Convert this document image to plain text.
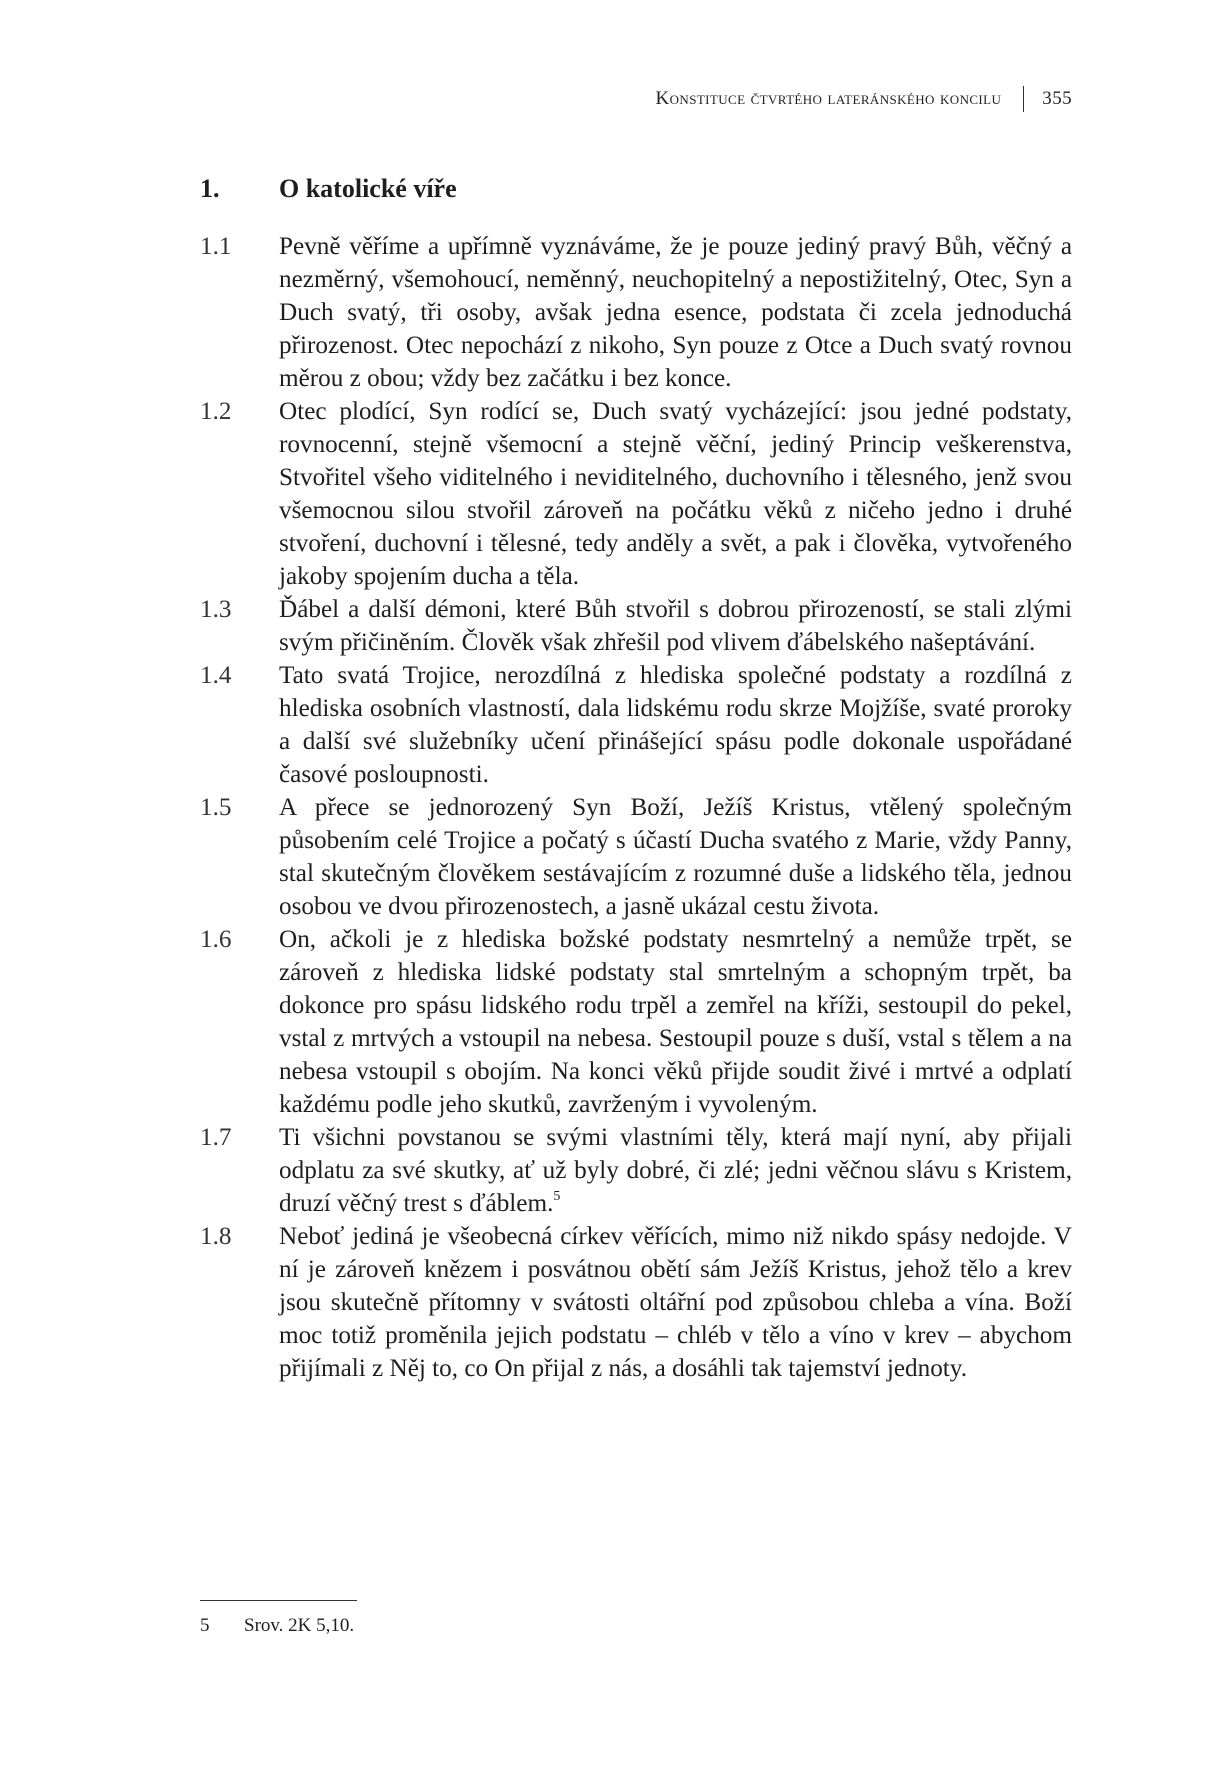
Konstituce čtvrtého lateránského koncilu 355
1.	O katolické víře
1.1	Pevně věříme a upřímně vyznáváme, že je pouze jediný pravý Bůh, věčný a nezměrný, všemohoucí, neměnný, neuchopitelný a nepostižitelný, Otec, Syn a Duch svatý, tři osoby, avšak jedna esence, podstata či zcela jednoduchá přirozenost. Otec nepochází z nikoho, Syn pouze z Otce a Duch svatý rovnou měrou z obou; vždy bez začátku i bez konce.
1.2	Otec plodící, Syn rodící se, Duch svatý vycházející: jsou jedné podstaty, rovnocenní, stejně všemocní a stejně věční, jediný Princip veškerenstva, Stvořitel všeho viditelného i neviditelného, duchovního i tělesného, jenž svou všemocnou silou stvořil zároveň na počátku věků z ničeho jedno i druhé stvoření, duchovní i tělesné, tedy anděly a svět, a pak i člověka, vytvořeného jakoby spojením ducha a těla.
1.3	Ďábel a další démoni, které Bůh stvořil s dobrou přirozeností, se stali zlými svým přičiněním. Člověk však zhřešil pod vlivem ďábelského našeptávání.
1.4	Tato svatá Trojice, nerozdílná z hlediska společné podstaty a rozdílná z hlediska osobních vlastností, dala lidskému rodu skrze Mojžíše, svaté proroky a další své služebníky učení přinášející spásu podle dokonale uspořádané časové posloupnosti.
1.5	A přece se jednorozený Syn Boží, Ježíš Kristus, vtělený společným působením celé Trojice a počatý s účastí Ducha svatého z Marie, vždy Panny, stal skutečným člověkem sestávajícím z rozumné duše a lidského těla, jednou osobou ve dvou přirozenostech, a jasně ukázal cestu života.
1.6	On, ačkoli je z hlediska božské podstaty nesmrtelný a nemůže trpět, se zároveň z hlediska lidské podstaty stal smrtelným a schopným trpět, ba dokonce pro spásu lidského rodu trpěl a zemřel na kříži, sestoupil do pekel, vstal z mrtvých a vstoupil na nebesa. Sestoupil pouze s duší, vstal s tělem a na nebesa vstoupil s obojím. Na konci věků přijde soudit živé i mrtvé a odplatí každému podle jeho skutků, zavrženým i vyvoleným.
1.7	Ti všichni povstanou se svými vlastními těly, která mají nyní, aby přijali odplatu za své skutky, ať už byly dobré, či zlé; jedni věčnou slávu s Kristem, druzí věčný trest s ďáblem.$^5$
1.8	Neboť jediná je všeobecná církev věřících, mimo niž nikdo spásy nedojde. V ní je zároveň knězem i posvátnou obětí sám Ježíš Kristus, jehož tělo a krev jsou skutečně přítomny v svátosti oltářní pod způsobou chleba a vína. Boží moc totiž proměnila jejich podstatu – chléb v tělo a víno v krev – abychom přijímali z Něj to, co On přijal z nás, a dosáhli tak tajemství jednoty.
5	Srov. 2K 5,10.
